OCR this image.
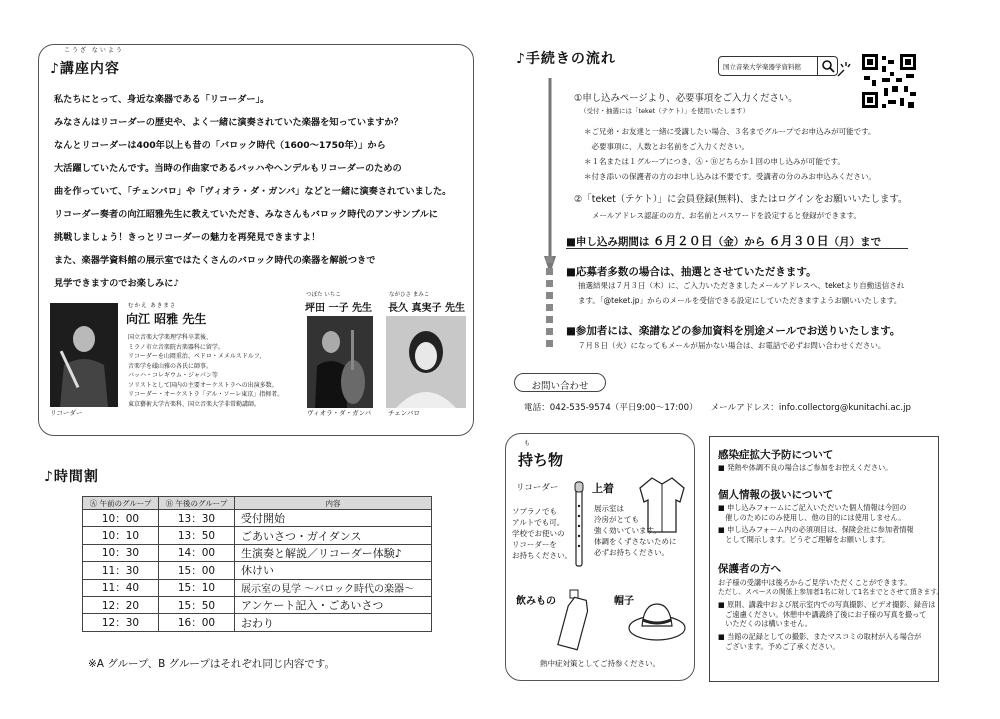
こうざ ないよう
♪講座内容
私たちにとって、身近な楽器である「リコーダー」。
みなさんはリコーダーの歴史や、よく一緒に演奏されていた楽器を知っていますか？
なんとリコーダーは400年以上も昔の「バロック時代（1600〜1750年）」から
大活躍していたんです。当時の作曲家であるバッハやヘンデルもリコーダーのための
曲を作っていて、「チェンバロ」や「ヴィオラ・ダ・ガンバ」などと一緒に演奏されていました。
リコーダー奏者の向江昭雅先生に教えていただき、みなさんもバロック時代のアンサンブルに
挑戦しましょう！きっとリコーダーの魅力を再発見できますよ！
また、楽器学資料館の展示室ではたくさんのバロック時代の楽器を解説つきで
見学できますのでお楽しみに♪
リコーダー
むかえ あきまさ
向江 昭雅 先生
国立音楽大学楽理学科卒業後、
ミラノ市立音楽院古楽器科に留学。
リコーダーを山岡重治、ペドロ・メメルスドルフ、
音楽学を礒山雅の各氏に師事。
バッハ・コレギウム・ジャパン等
ソリストとして国内の主要オーケストラへの出演多数。
リコーダー・オーケストラ「デル・ソーレ東京」指揮者。
東京藝術大学古楽科、国立音楽大学非常勤講師。
つぼた いちこ
坪田 一子 先生
ヴィオラ・ダ・ガンバ
ながひさ まみこ
長久 真実子 先生
チェンバロ
♪時間割
Ⓐ 午前のグループ	Ⓑ 午後のグループ	内容
10：00	13：30	受付開始
10：10	13：50	ごあいさつ・ガイダンス
10：30	14：00	生演奏と解説／リコーダー体験♪
11：30	15：00	休けい
11：40	15：10	展示室の見学 ～バロック時代の楽器～
12：20	15：50	アンケート記入・ごあいさつ
12：30	16：00	おわり
※A グループ、B グループはそれぞれ同じ内容です。
♪手続きの流れ	国立音楽大学楽器学資料館
①申し込みページより、必要事項をご入力ください。
（受付・抽選には「teket（テケト）」を使用いたします）
＊ご兄弟・お友達と一緒に受講したい場合、３名までグループでお申込みが可能です。
　必要事項に、人数とお名前をご入力ください。
＊１名または１グループにつき、Ⓐ・Ⓑどちらか１回の申し込みが可能です。
＊付き添いの保護者の方のお申し込みは不要です。受講者の分のみお申込みください。
②「teket（テケト）」に会員登録(無料)、またはログインをお願いいたします。
メールアドレス認証のの方、お名前とパスワードを設定すると登録ができます。
■申し込み期間は ６月２０日（金）から ６月３０日（月）まで
■応募者多数の場合は、抽選とさせていただきます。
抽選結果は７月３日（木）に、ご入力いただきましたメールアドレスへ、teketより自動送信され
ます。「@teket.jp」からのメールを受信できる設定にしていただきますようお願いいたします。
■参加者には、楽譜などの参加資料を別途メールでお送りいたします。
７月８日（火）になってもメールが届かない場合は、お電話で必ずお問い合わせください。
お問い合わせ
電話：042-535-9574（平日9:00〜17:00）　　メールアドレス：info.collectorg@kunitachi.ac.jp
も
持ち物
リコーダー
ソプラノでも
アルトでも可。
学校でお使いの
リコーダーを
お持ちください。
上着
展示室は
冷房がとても
強く効いています。
体調をくずさないために
必ずお持ちください。
飲みもの	帽子
熱中症対策としてご持参ください。
感染症拡大予防について
■ 発熱や体調不良の場合はご参加をお控えください。
個人情報の扱いについて
■ 申し込みフォームにご記入いただいた個人情報は今回の
　催しのためにのみ使用し、他の目的には使用しません。
■ 申し込みフォーム内の必須項目は、保険会社に参加者情報
　として開示します。どうぞご理解をお願いします。
保護者の方へ
お子様の受講中は後ろからご見学いただくことができます。
ただし、スペースの関係上参加者1名に対して1名までとさせて頂きます。
■ 原則、講義中および展示室内での写真撮影、ビデオ撮影、録音は
　ご遠慮ください。休憩中や講義終了後にお子様の写真を撮って
　いただくのは構いません。
■ 当館の記録としての撮影、またマスコミの取材が入る場合が
　ございます。予めご了承ください。
